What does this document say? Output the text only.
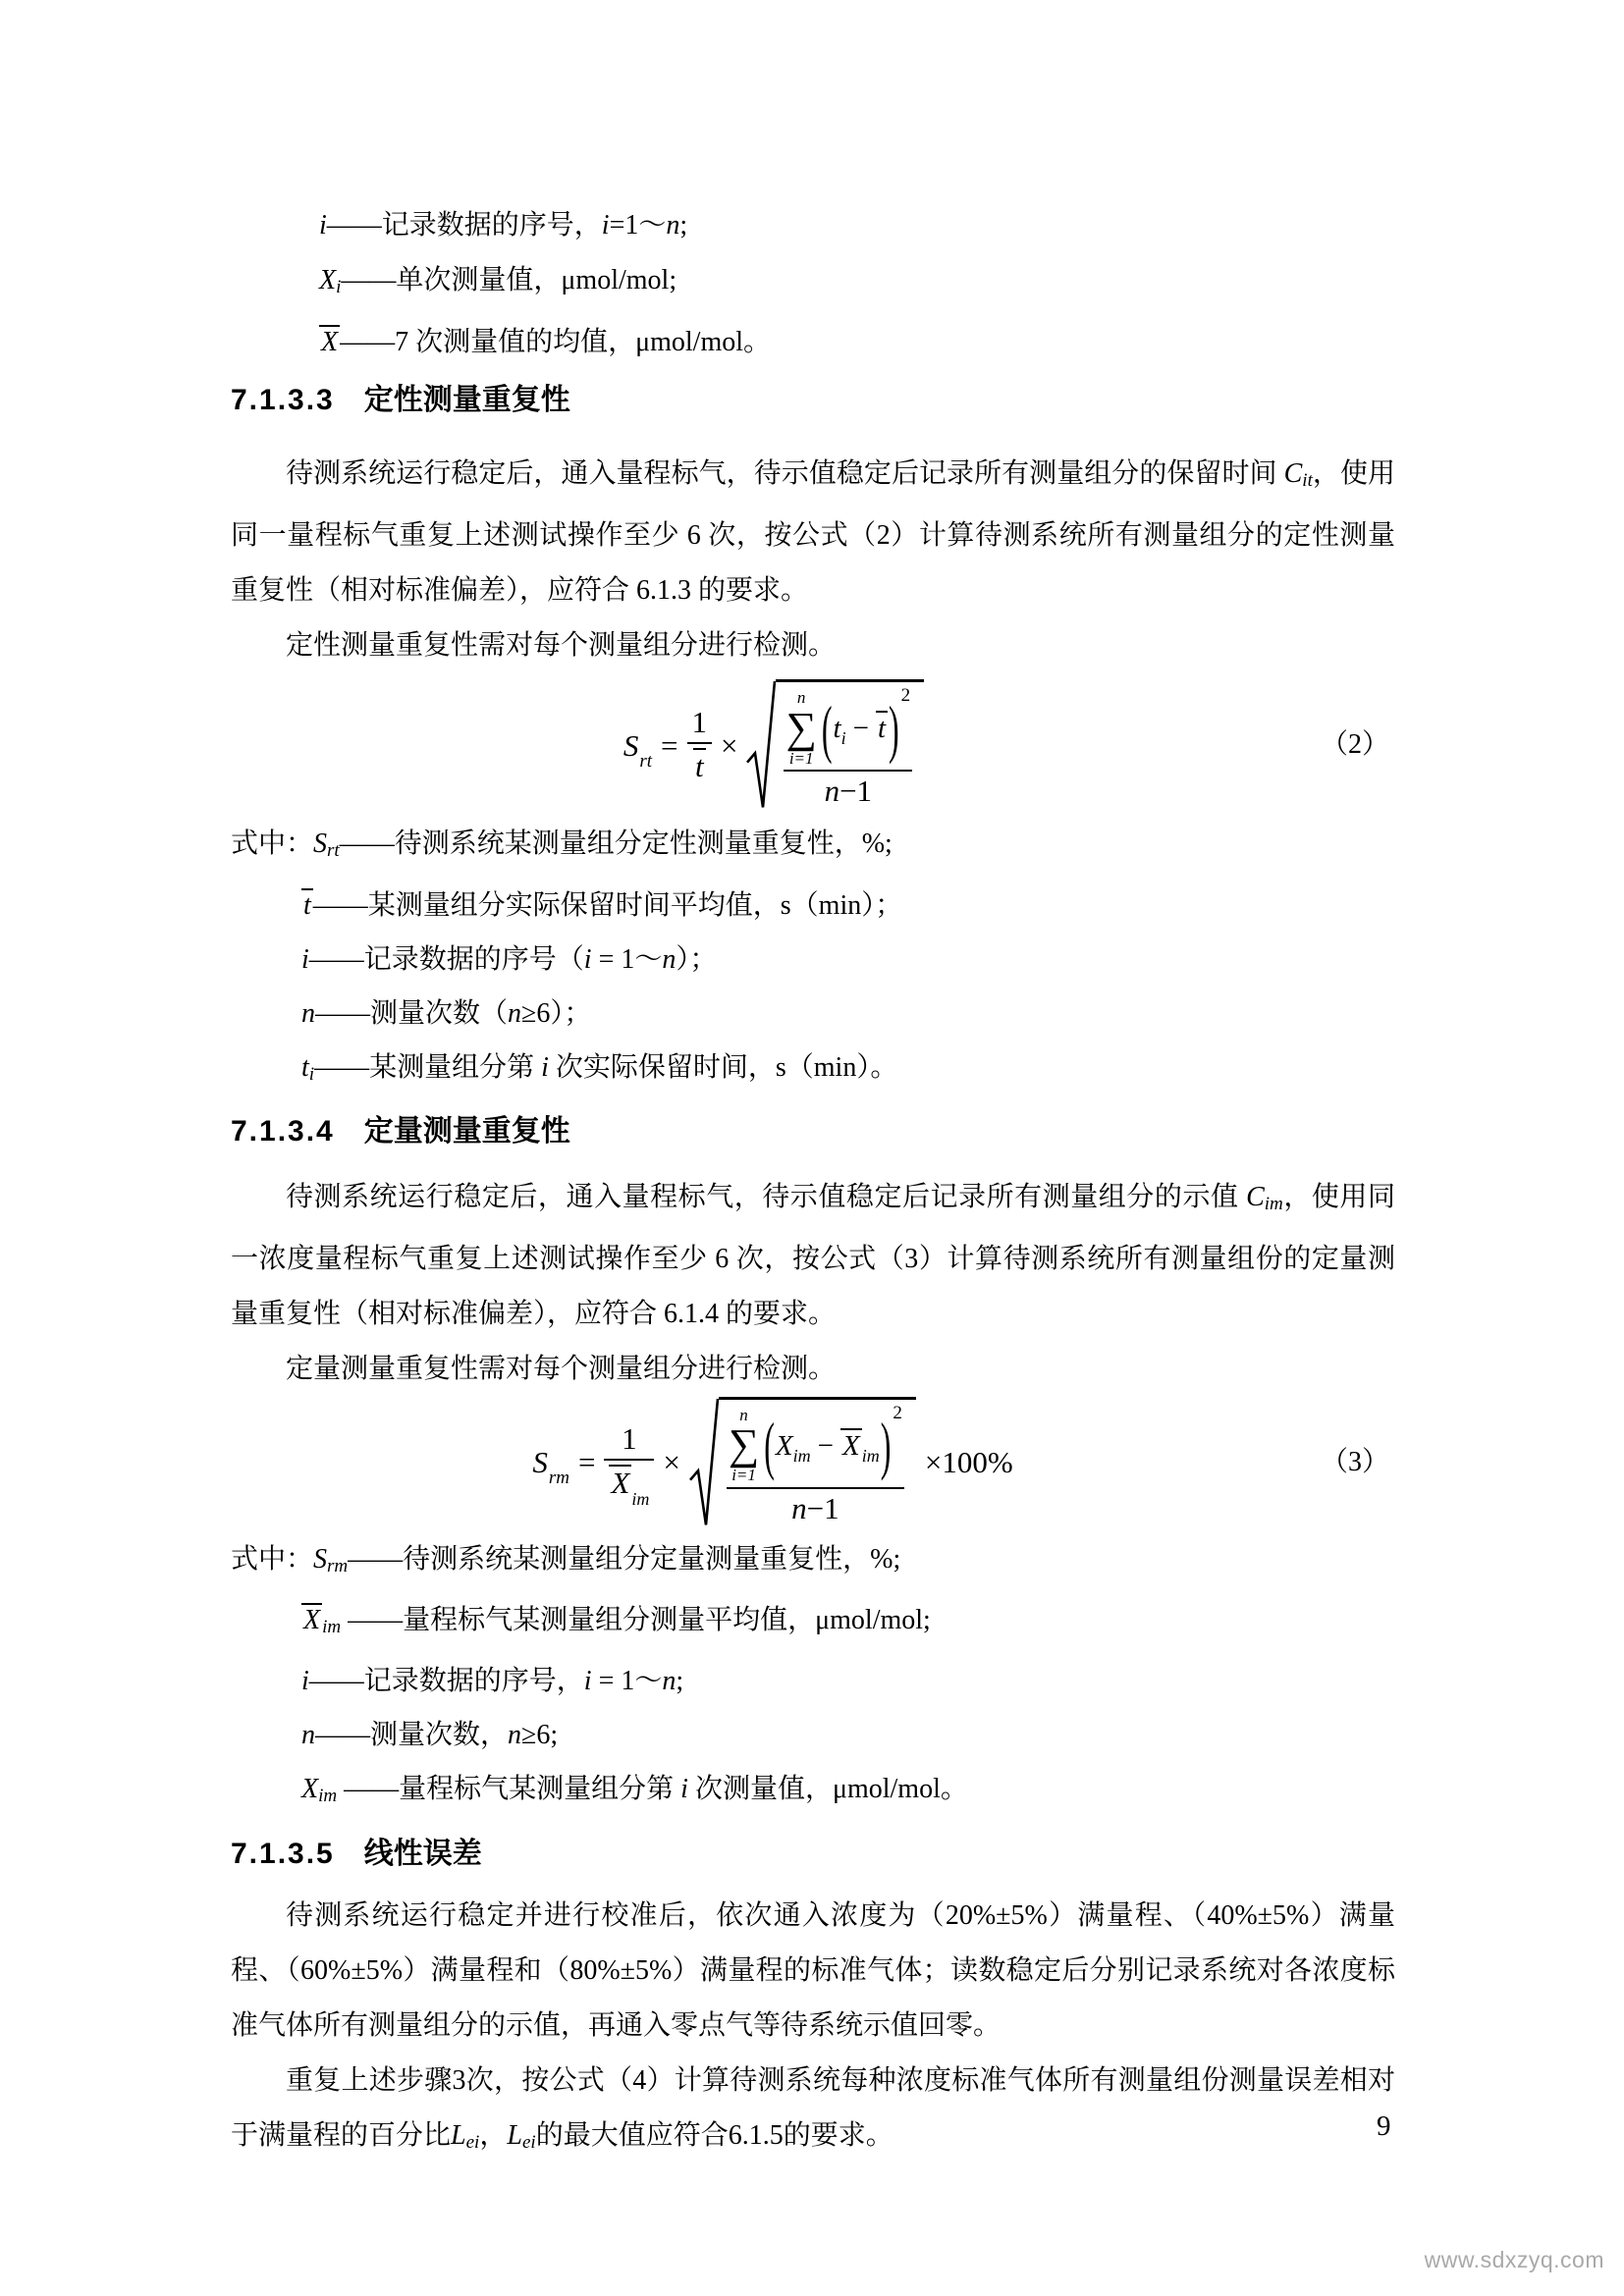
i——记录数据的序号，i=1～n;
Xi——单次测量值，μmol/mol;
X——7 次测量值的均值，μmol/mol。
7.1.3.3 定性测量重复性

待测系统运行稳定后，通入量程标气，待示值稳定后记录所有测量组分的保留时间 Cit，使用同一量程标气重复上述测试操作至少 6 次，按公式（2）计算待测系统所有测量组分的定性测量重复性（相对标准偏差），应符合 6.1.3 的要求。

定性测量重复性需对每个测量组分进行检测。

S rt = $\frac{1}{t}$ ×
n
∑
i=1 ( t i − t ) 2
n−1
（2）
式中：Srt——待测系统某测量组分定性测量重复性，%;
t——某测量组分实际保留时间平均值，s（min）；
i——记录数据的序号（i = 1～n）；
n——测量次数（n≥6）；
ti——某测量组分第 i 次实际保留时间，s（min）。
7.1.3.4 定量测量重复性

待测系统运行稳定后，通入量程标气，待示值稳定后记录所有测量组分的示值 Cim，使用同一浓度量程标气重复上述测试操作至少 6 次，按公式（3）计算待测系统所有测量组份的定量测量重复性（相对标准偏差），应符合 6.1.4 的要求。

定量测量重复性需对每个测量组分进行检测。

S rm = $\frac{1}{X _{im}}$ ×
n
∑
i=1 ( X im − X im ) 2
n−1
×100%	（3）
式中：Srm——待测系统某测量组分定量测量重复性，%;
X im ——量程标气某测量组分测量平均值，μmol/mol;
i——记录数据的序号，i = 1～n;
n——测量次数，n≥6;
Xim ——量程标气某测量组分第 i 次测量值，μmol/mol。
7.1.3.5 线性误差

待测系统运行稳定并进行校准后，依次通入浓度为（20%±5%）满量程、（40%±5%）满量程、（60%±5%）满量程和（80%±5%）满量程的标准气体；读数稳定后分别记录系统对各浓度标准气体所有测量组分的示值，再通入零点气等待系统示值回零。

重复上述步骤3次，按公式（4）计算待测系统每种浓度标准气体所有测量组份测量误差相对于满量程的百分比Lei，Lei的最大值应符合6.1.5的要求。	9
www.sdxzyq.com
